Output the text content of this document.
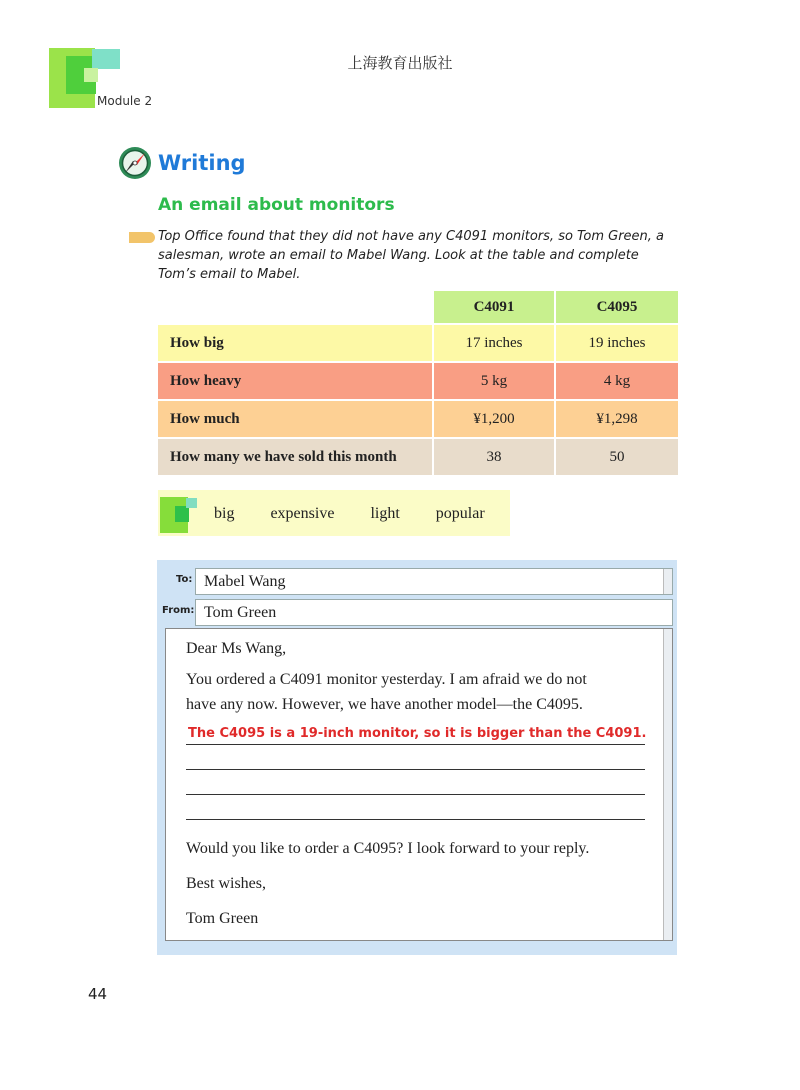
上海教育出版社
Module 2
Writing
An email about monitors
Top Office found that they did not have any C4091 monitors, so Tom Green, a salesman, wrote an email to Mabel Wang. Look at the table and complete Tom’s email to Mabel.
C4091	C4095
How big	17 inches	19 inches
How heavy	5 kg	4 kg
How much	¥1,200	¥1,298
How many we have sold this month	38	50
big expensive light popular
To: Mabel Wang
From: Tom Green
Dear Ms Wang,
You ordered a C4091 monitor yesterday. I am afraid we do not
have any now. However, we have another model—the C4095.
The C4095 is a 19-inch monitor, so it is bigger than the C4091.
Would you like to order a C4095? I look forward to your reply.
Best wishes,
Tom Green
44
